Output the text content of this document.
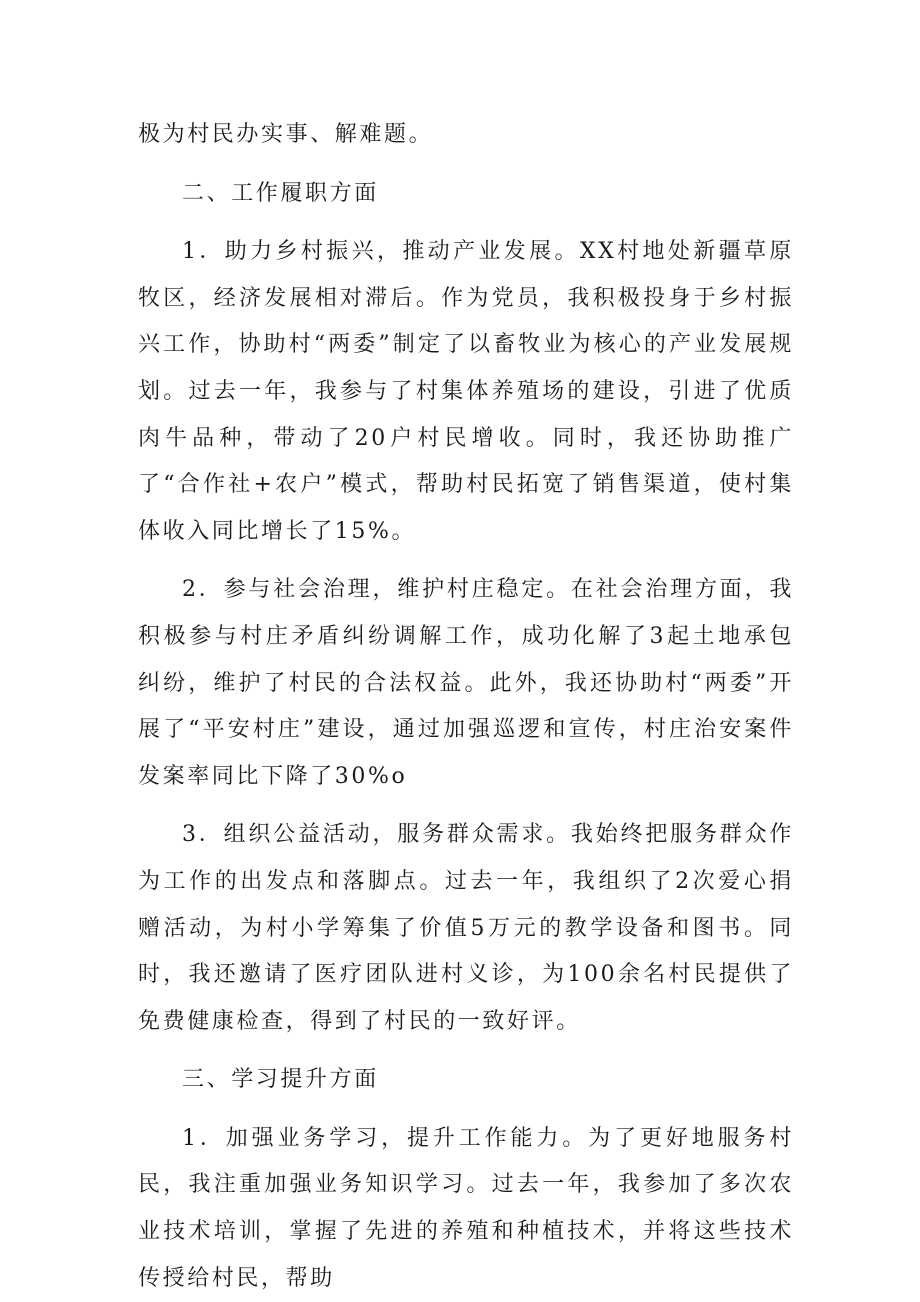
极为村民办实事、解难题。

二、工作履职方面

1．助力乡村振兴，推动产业发展。XX村地处新疆草原牧区，经济发展相对滞后。作为党员，我积极投身于乡村振兴工作，协助村“两委”制定了以畜牧业为核心的产业发展规划。过去一年，我参与了村集体养殖场的建设，引进了优质肉牛品种，带动了20户村民增收。同时，我还协助推广了“合作社+农户”模式，帮助村民拓宽了销售渠道，使村集体收入同比增长了15%。

2．参与社会治理，维护村庄稳定。在社会治理方面，我积极参与村庄矛盾纠纷调解工作，成功化解了3起土地承包纠纷，维护了村民的合法权益。此外，我还协助村“两委”开展了“平安村庄”建设，通过加强巡逻和宣传，村庄治安案件发案率同比下降了30%o

3．组织公益活动，服务群众需求。我始终把服务群众作为工作的出发点和落脚点。过去一年，我组织了2次爱心捐赠活动，为村小学筹集了价值5万元的教学设备和图书。同时，我还邀请了医疗团队进村义诊，为100余名村民提供了免费健康检查，得到了村民的一致好评。

三、学习提升方面

1．加强业务学习，提升工作能力。为了更好地服务村民，我注重加强业务知识学习。过去一年，我参加了多次农业技术培训，掌握了先进的养殖和种植技术，并将这些技术传授给村民，帮助
